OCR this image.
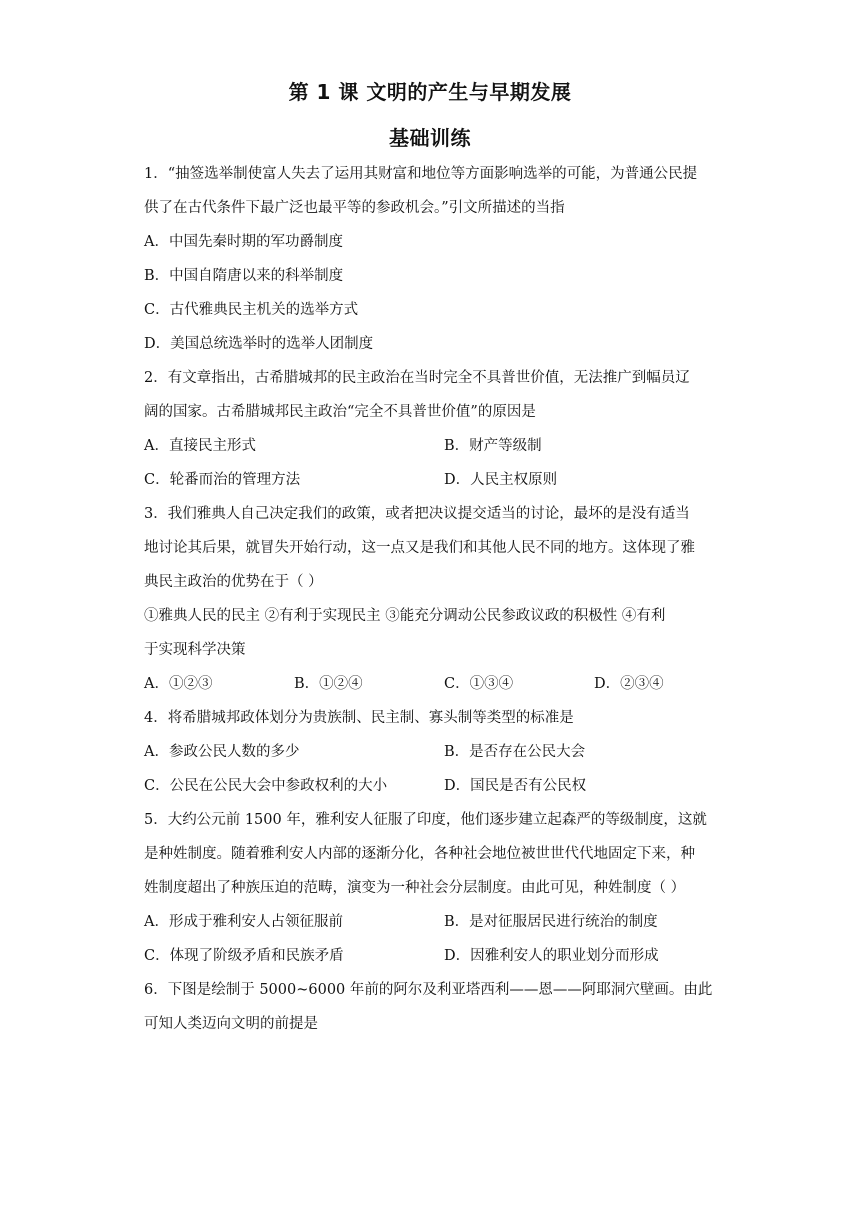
第 1 课 文明的产生与早期发展
基础训练
1．“抽签选举制使富人失去了运用其财富和地位等方面影响选举的可能，为普通公民提
供了在古代条件下最广泛也最平等的参政机会。”引文所描述的当指
A．中国先秦时期的军功爵制度
B．中国自隋唐以来的科举制度
C．古代雅典民主机关的选举方式
D．美国总统选举时的选举人团制度
2．有文章指出，古希腊城邦的民主政治在当时完全不具普世价值，无法推广到幅员辽
阔的国家。古希腊城邦民主政治“完全不具普世价值”的原因是
A．直接民主形式	B．财产等级制
C．轮番而治的管理方法	D．人民主权原则
3．我们雅典人自己决定我们的政策，或者把决议提交适当的讨论，最坏的是没有适当
地讨论其后果，就冒失开始行动，这一点又是我们和其他人民不同的地方。这体现了雅
典民主政治的优势在于（ ）
①雅典人民的民主 ②有利于实现民主 ③能充分调动公民参政议政的积极性 ④有利
于实现科学决策
A．①②③	B．①②④	C．①③④	D．②③④
4．将希腊城邦政体划分为贵族制、民主制、寡头制等类型的标准是
A．参政公民人数的多少	B．是否存在公民大会
C．公民在公民大会中参政权利的大小	D．国民是否有公民权
5．大约公元前 1500 年，雅利安人征服了印度，他们逐步建立起森严的等级制度，这就
是种姓制度。随着雅利安人内部的逐渐分化，各种社会地位被世世代代地固定下来，种
姓制度超出了种族压迫的范畴，演变为一种社会分层制度。由此可见，种姓制度（ ）
A．形成于雅利安人占领征服前	B．是对征服居民进行统治的制度
C．体现了阶级矛盾和民族矛盾	D．因雅利安人的职业划分而形成
6．下图是绘制于 5000~6000 年前的阿尔及利亚塔西利——恩——阿耶洞穴壁画。由此
可知人类迈向文明的前提是
